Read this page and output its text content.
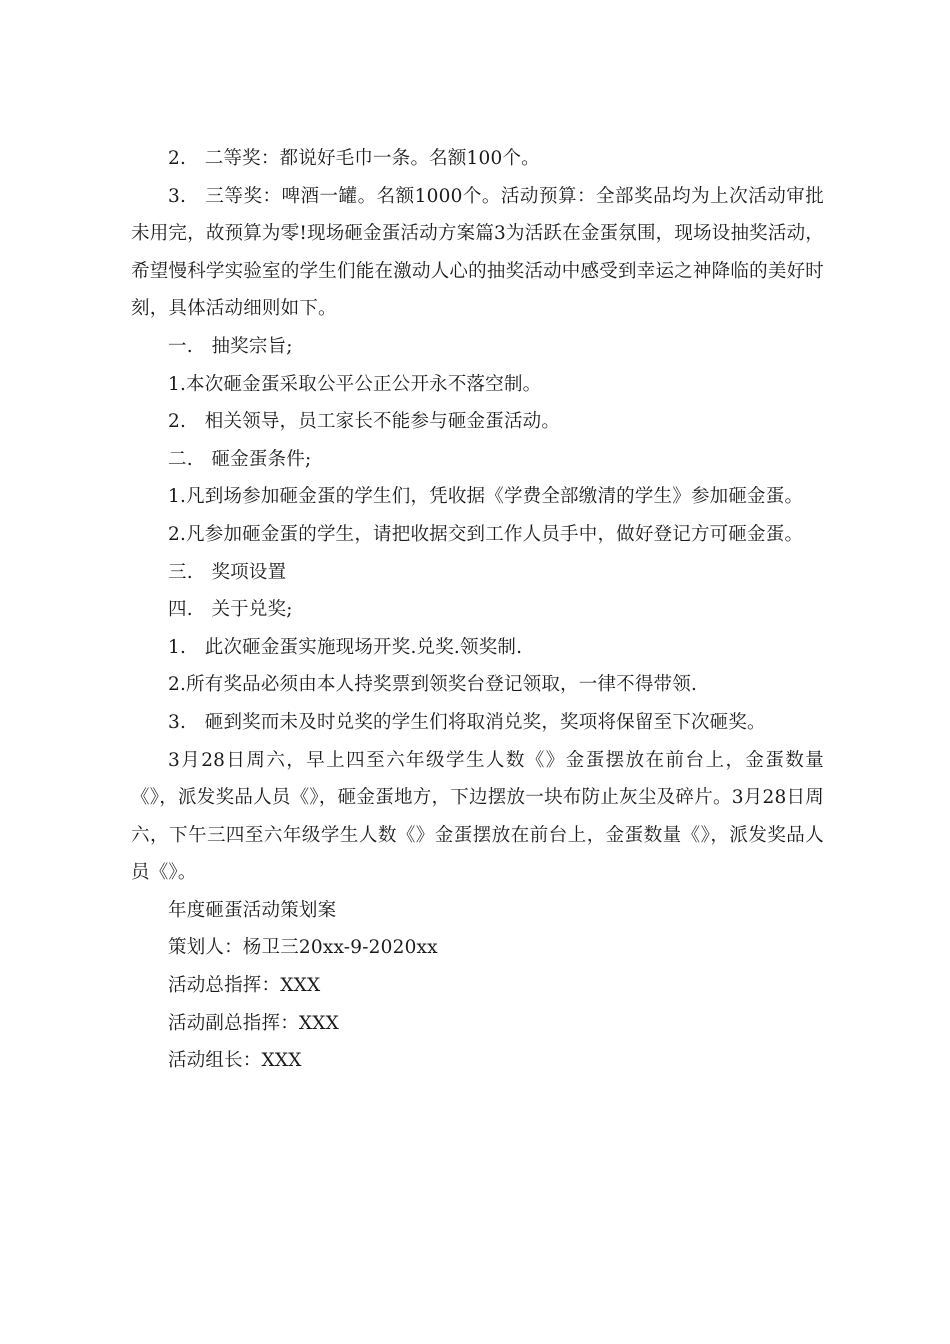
2.　二等奖：都说好毛巾一条。名额100个。

3.　三等奖：啤酒一罐。名额1000个。活动预算：全部奖品均为上次活动审批未用完，故预算为零!现场砸金蛋活动方案篇3为活跃在金蛋氛围，现场设抽奖活动，希望慢科学实验室的学生们能在激动人心的抽奖活动中感受到幸运之神降临的美好时刻，具体活动细则如下。

一.　抽奖宗旨;

1.本次砸金蛋采取公平公正公开永不落空制。

2.　相关领导，员工家长不能参与砸金蛋活动。

二.　砸金蛋条件;

1.凡到场参加砸金蛋的学生们，凭收据《学费全部缴清的学生》参加砸金蛋。

2.凡参加砸金蛋的学生，请把收据交到工作人员手中，做好登记方可砸金蛋。

三.　奖项设置

四.　关于兑奖;

1.　此次砸金蛋实施现场开奖.兑奖.领奖制.

2.所有奖品必须由本人持奖票到领奖台登记领取，一律不得带领.

3.　砸到奖而未及时兑奖的学生们将取消兑奖，奖项将保留至下次砸奖。

3月28日周六，早上四至六年级学生人数《》金蛋摆放在前台上，金蛋数量《》，派发奖品人员《》，砸金蛋地方，下边摆放一块布防止灰尘及碎片。3月28日周六，下午三四至六年级学生人数《》金蛋摆放在前台上，金蛋数量《》，派发奖品人员《》。

年度砸蛋活动策划案

策划人：杨卫三20xx-9-2020xx

活动总指挥：XXX

活动副总指挥：XXX

活动组长：XXX
